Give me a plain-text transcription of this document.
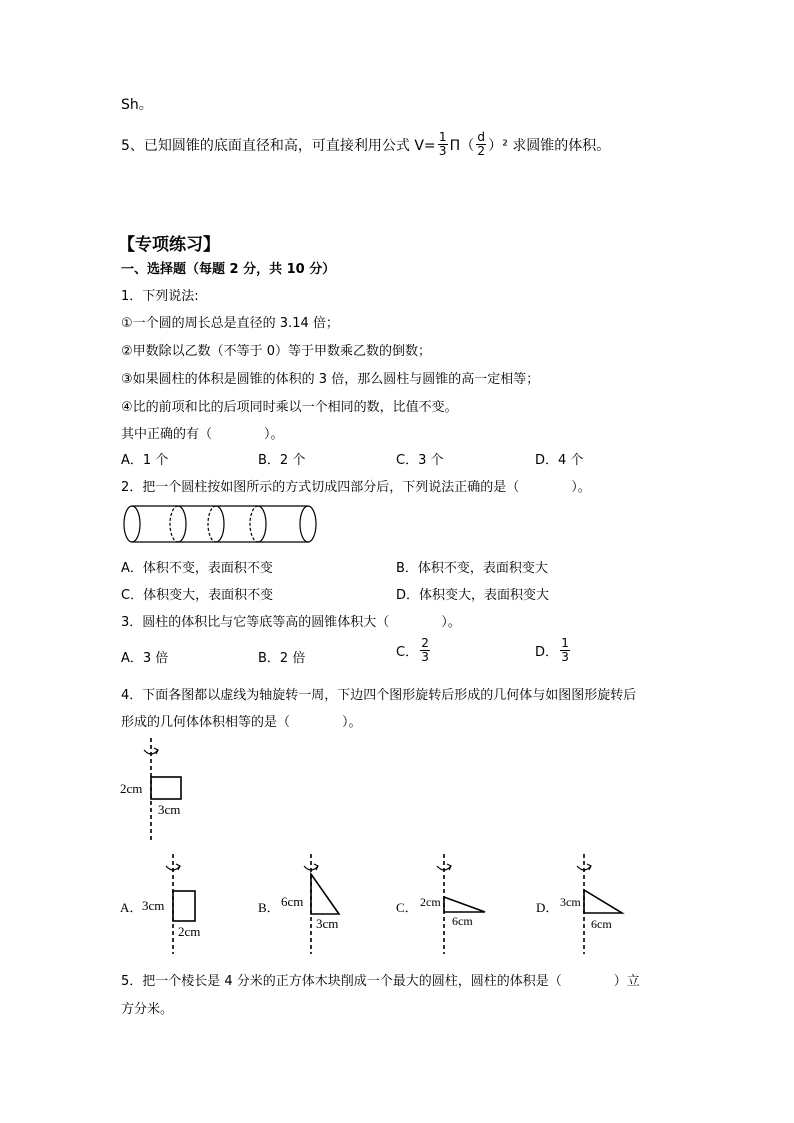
Sh。
5、已知圆锥的底面直径和高，可直接利用公式 $V= \frac{1}{3} \Pi( \frac{d}{2} )^2$ 求圆锥的体积。
【专项练习】
一、选择题（每题 2 分，共 10 分）
1．下列说法:
①一个圆的周长总是直径的 3.14 倍；
②甲数除以乙数（不等于 0）等于甲数乘乙数的倒数；
③如果圆柱的体积是圆锥的体积的 3 倍，那么圆柱与圆锥的高一定相等；
④比的前项和比的后项同时乘以一个相同的数，比值不变。
其中正确的有（　　　　）。
A．1 个	B．2 个	C．3 个	D．4 个
2．把一个圆柱按如图所示的方式切成四部分后，下列说法正确的是（　　　　）。
A．体积不变，表面积不变	B．体积不变，表面积变大
C．体积变大，表面积不变	D．体积变大，表面积变大
3．圆柱的体积比与它等底等高的圆锥体积大（　　　　）。
A．3 倍	B．2 倍	C． $\frac{2}{3}$	D． $\frac{1}{3}$
4．下面各图都以虚线为轴旋转一周，下边四个图形旋转后形成的几何体与如图图形旋转后
形成的几何体体积相等的是（　　　　）。
2cm
3cm
A． 3cm
2cm
B． 6cm
3cm
C． 2cm
6cm
D． 3cm
6cm
5．把一个棱长是 4 分米的正方体木块削成一个最大的圆柱，圆柱的体积是（　　　　）立
方分米。
